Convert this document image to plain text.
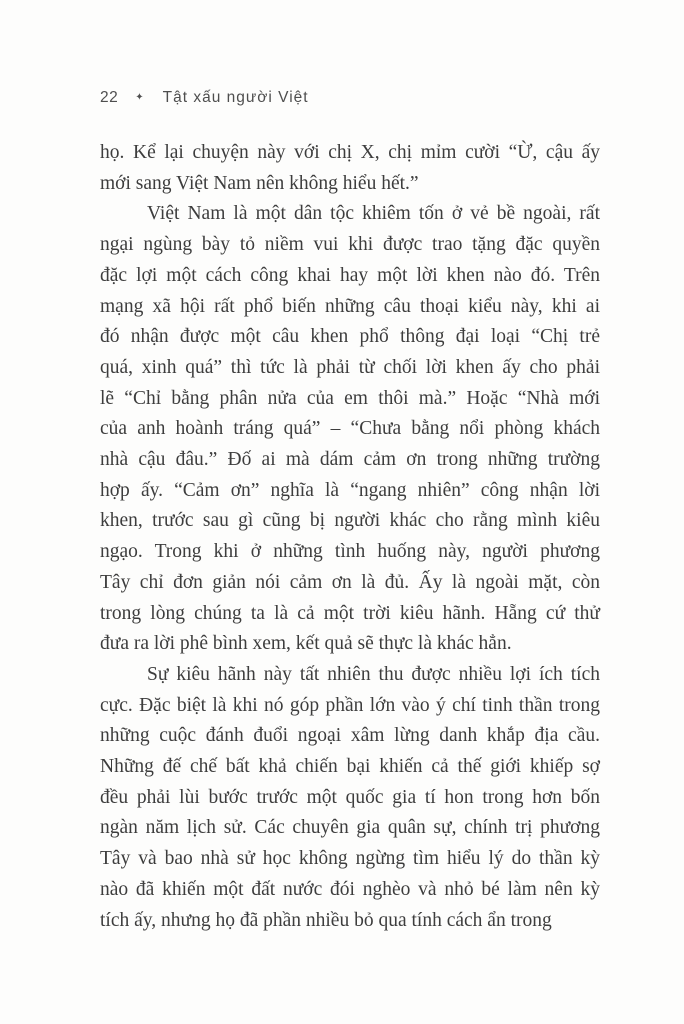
22 ✦ Tật xấu người Việt
họ. Kể lại chuyện này với chị X, chị mỉm cười “Ừ, cậu ấy
mới sang Việt Nam nên không hiểu hết.”
Việt Nam là một dân tộc khiêm tốn ở vẻ bề ngoài, rất
ngại ngùng bày tỏ niềm vui khi được trao tặng đặc quyền
đặc lợi một cách công khai hay một lời khen nào đó. Trên
mạng xã hội rất phổ biến những câu thoại kiểu này, khi ai
đó nhận được một câu khen phổ thông đại loại “Chị trẻ
quá, xinh quá” thì tức là phải từ chối lời khen ấy cho phải
lẽ “Chỉ bằng phân nửa của em thôi mà.” Hoặc “Nhà mới
của anh hoành tráng quá” – “Chưa bằng nổi phòng khách
nhà cậu đâu.” Đố ai mà dám cảm ơn trong những trường
hợp ấy. “Cảm ơn” nghĩa là “ngang nhiên” công nhận lời
khen, trước sau gì cũng bị người khác cho rằng mình kiêu
ngạo. Trong khi ở những tình huống này, người phương
Tây chỉ đơn giản nói cảm ơn là đủ. Ấy là ngoài mặt, còn
trong lòng chúng ta là cả một trời kiêu hãnh. Hẵng cứ thử
đưa ra lời phê bình xem, kết quả sẽ thực là khác hẳn.
Sự kiêu hãnh này tất nhiên thu được nhiều lợi ích tích
cực. Đặc biệt là khi nó góp phần lớn vào ý chí tinh thần trong
những cuộc đánh đuổi ngoại xâm lừng danh khắp địa cầu.
Những đế chế bất khả chiến bại khiến cả thế giới khiếp sợ
đều phải lùi bước trước một quốc gia tí hon trong hơn bốn
ngàn năm lịch sử. Các chuyên gia quân sự, chính trị phương
Tây và bao nhà sử học không ngừng tìm hiểu lý do thần kỳ
nào đã khiến một đất nước đói nghèo và nhỏ bé làm nên kỳ
tích ấy, nhưng họ đã phần nhiều bỏ qua tính cách ẩn trong
